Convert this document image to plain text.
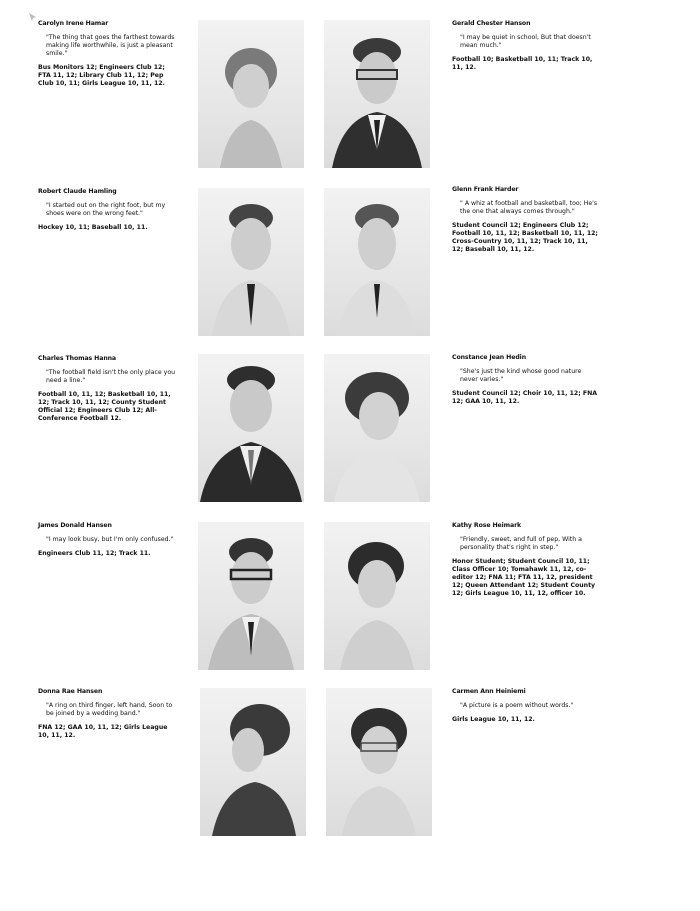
Carolyn Irene Hamar
"The thing that goes the farthest towards making life worthwhile, is just a pleasant smile."
Bus Monitors 12; Engineers Club 12; FTA 11, 12; Library Club 11, 12; Pep Club 10, 11; Girls League 10, 11, 12.
Gerald Chester Hanson
"I may be quiet in school, But that doesn't mean much."
Football 10; Basketball 10, 11; Track 10, 11, 12.
Robert Claude Hamling
"I started out on the right foot, but my shoes were on the wrong feet."
Hockey 10, 11; Baseball 10, 11.
Glenn Frank Harder
" A whiz at football and basketball, too; He's the one that always comes through."
Student Council 12; Engineers Club 12; Football 10, 11, 12; Basketball 10, 11, 12; Cross-Country 10, 11, 12; Track 10, 11, 12; Baseball 10, 11, 12.
Charles Thomas Hanna
"The football field isn't the only place you need a line."
Football 10, 11, 12; Basketball 10, 11, 12; Track 10, 11, 12; County Student Official 12; Engineers Club 12; All-Conference Football 12.
Constance Jean Hedin
"She's just the kind whose good nature never varies."
Student Council 12; Choir 10, 11, 12; FNA 12; GAA 10, 11, 12.
James Donald Hansen
"I may look busy, but I'm only confused."
Engineers Club 11, 12; Track 11.
Kathy Rose Heimark
"Friendly, sweet, and full of pep, With a personality that's right in step."
Honor Student; Student Council 10, 11; Class Officer 10; Tomahawk 11, 12, co-editor 12; FNA 11; FTA 11, 12, president 12; Queen Attendant 12; Student County 12; Girls League 10, 11, 12, officer 10.
Donna Rae Hansen
"A ring on third finger, left hand, Soon to be joined by a wedding band."
FNA 12; GAA 10, 11, 12; Girls League 10, 11, 12.
Carmen Ann Heiniemi
"A picture is a poem without words."
Girls League 10, 11, 12.
